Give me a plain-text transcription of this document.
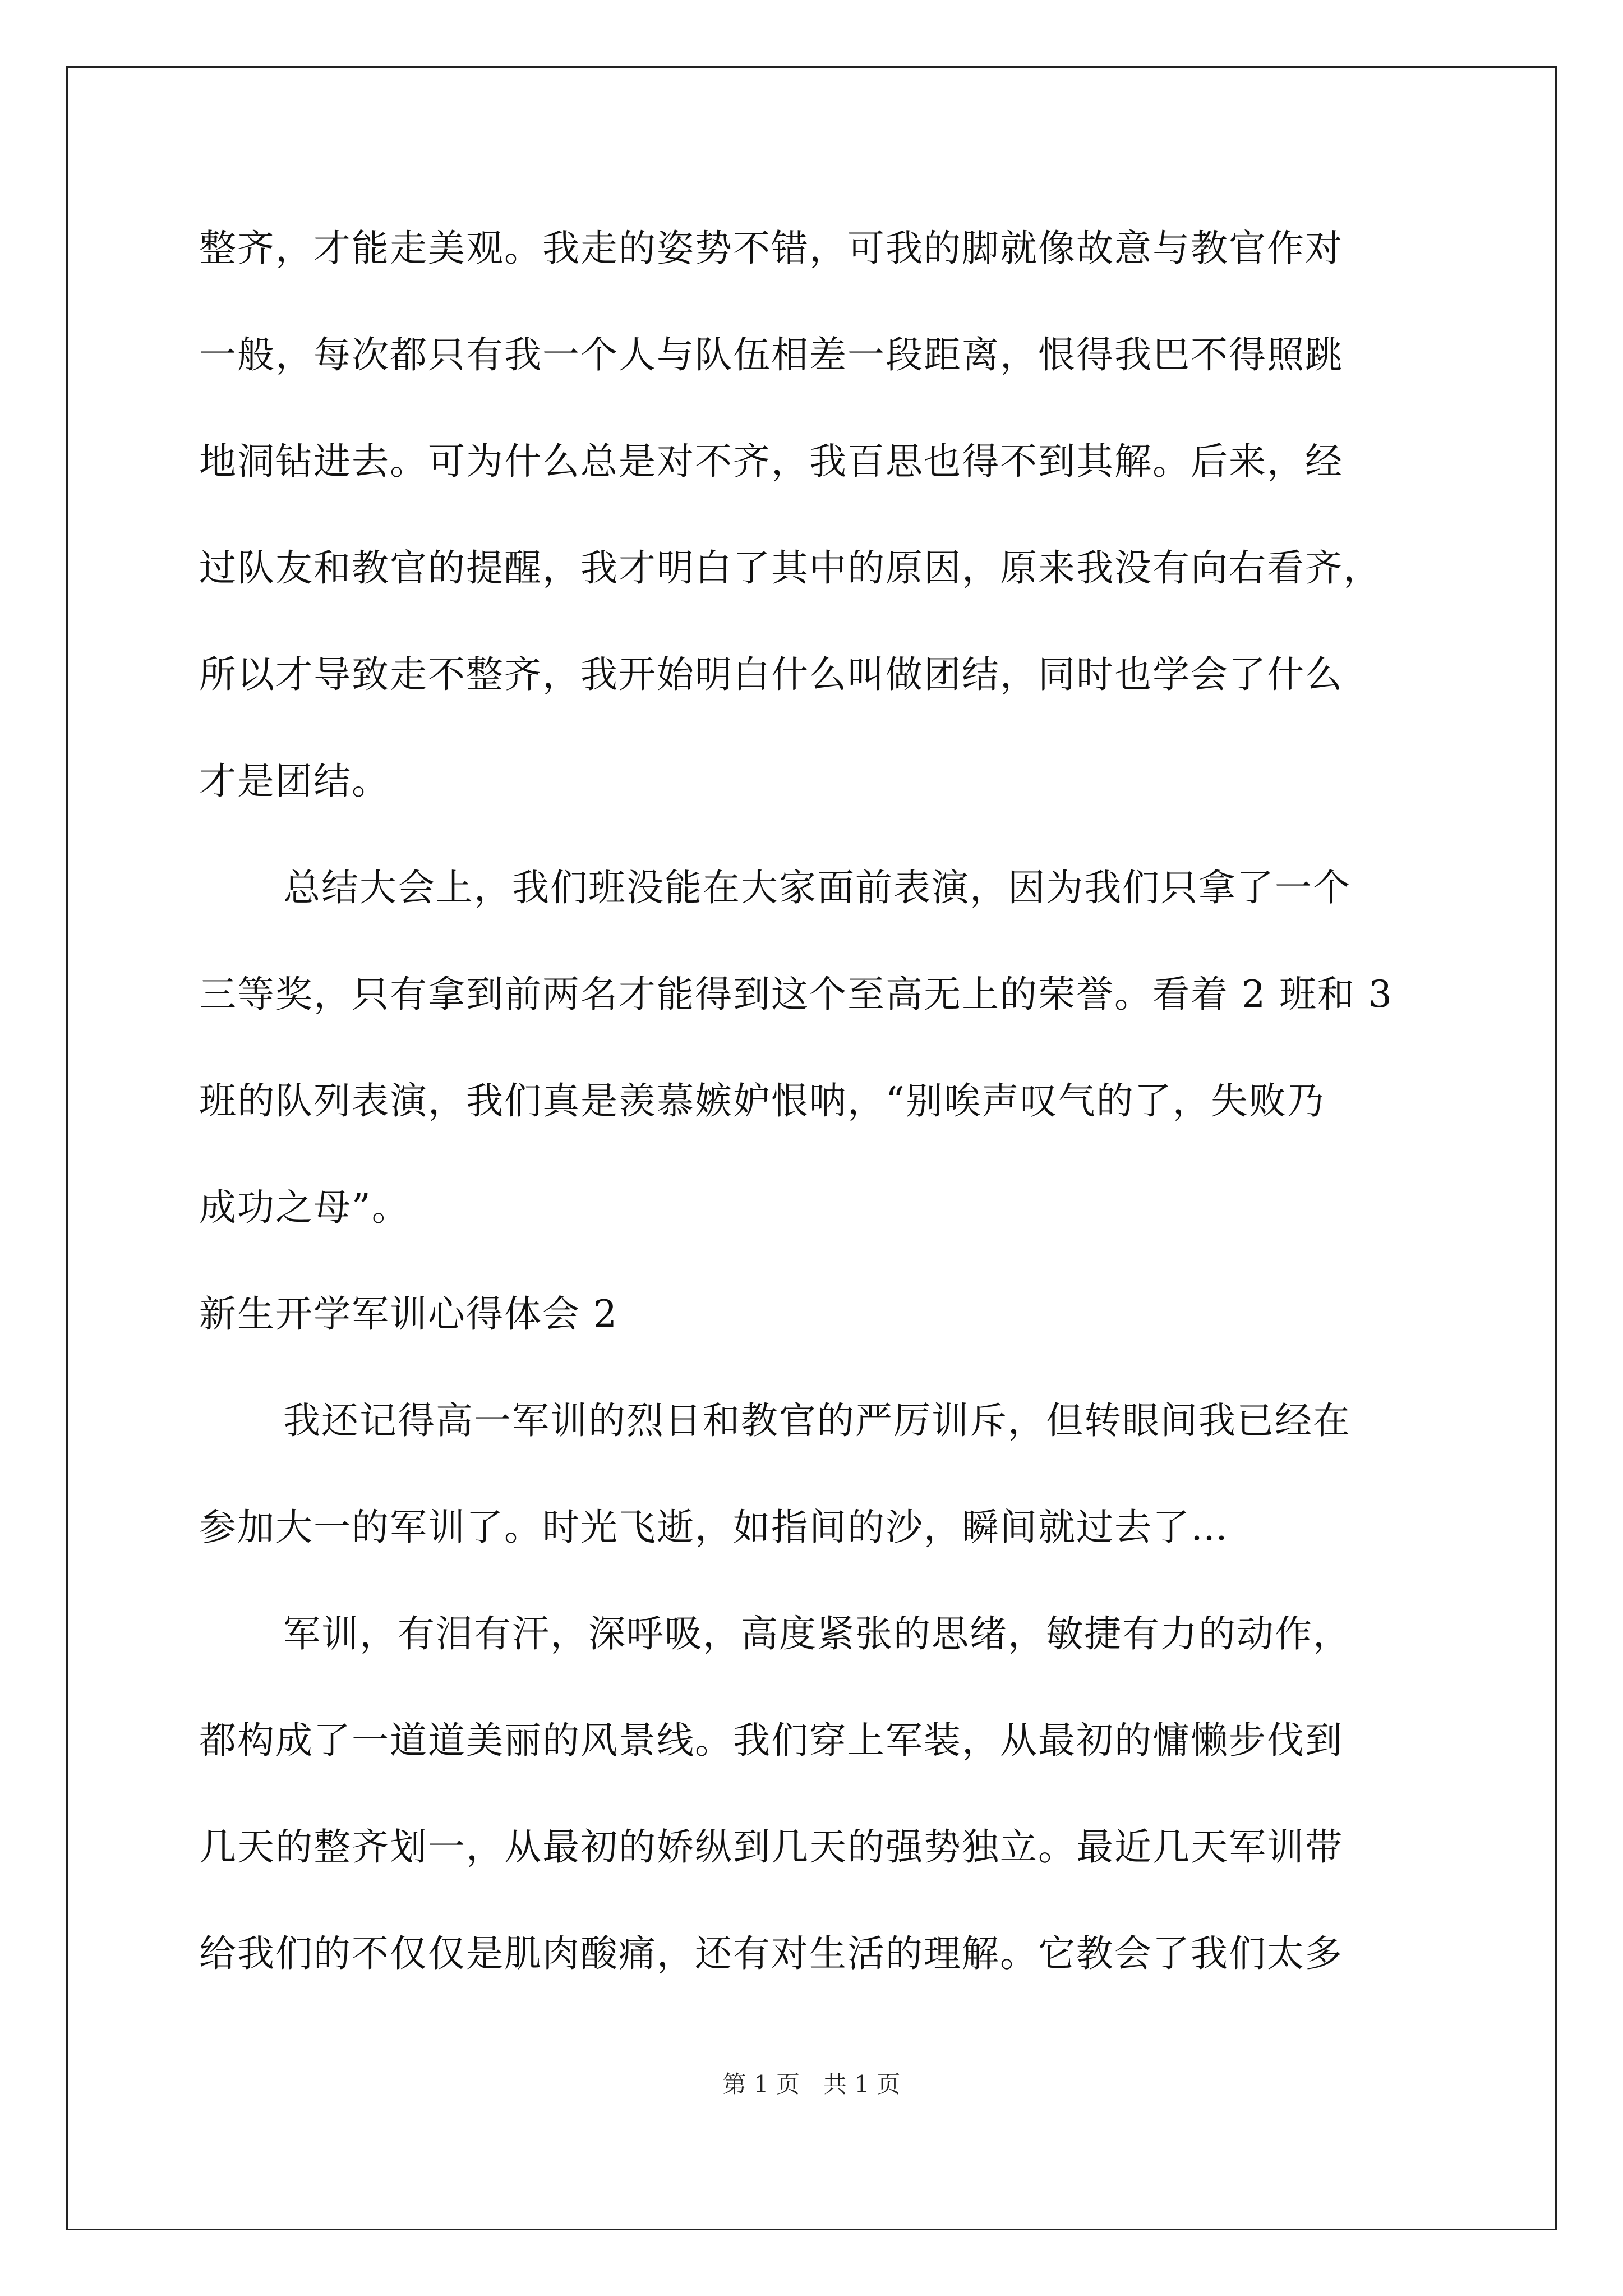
整齐，才能走美观。我走的姿势不错，可我的脚就像故意与教官作对
一般，每次都只有我一个人与队伍相差一段距离，恨得我巴不得照跳
地洞钻进去。可为什么总是对不齐，我百思也得不到其解。后来，经
过队友和教官的提醒，我才明白了其中的原因，原来我没有向右看齐，
所以才导致走不整齐，我开始明白什么叫做团结，同时也学会了什么
才是团结。
总结大会上，我们班没能在大家面前表演，因为我们只拿了一个
三等奖，只有拿到前两名才能得到这个至高无上的荣誉。看着 2 班和 3
班的队列表演，我们真是羡慕嫉妒恨呐，“别唉声叹气的了，失败乃
成功之母”。
新生开学军训心得体会 2
我还记得高一军训的烈日和教官的严厉训斥，但转眼间我已经在
参加大一的军训了。时光飞逝，如指间的沙，瞬间就过去了…
军训，有泪有汗，深呼吸，高度紧张的思绪，敏捷有力的动作，
都构成了一道道美丽的风景线。我们穿上军装，从最初的慵懒步伐到
几天的整齐划一，从最初的娇纵到几天的强势独立。最近几天军训带
给我们的不仅仅是肌肉酸痛，还有对生活的理解。它教会了我们太多
第 1 页　共 1 页
